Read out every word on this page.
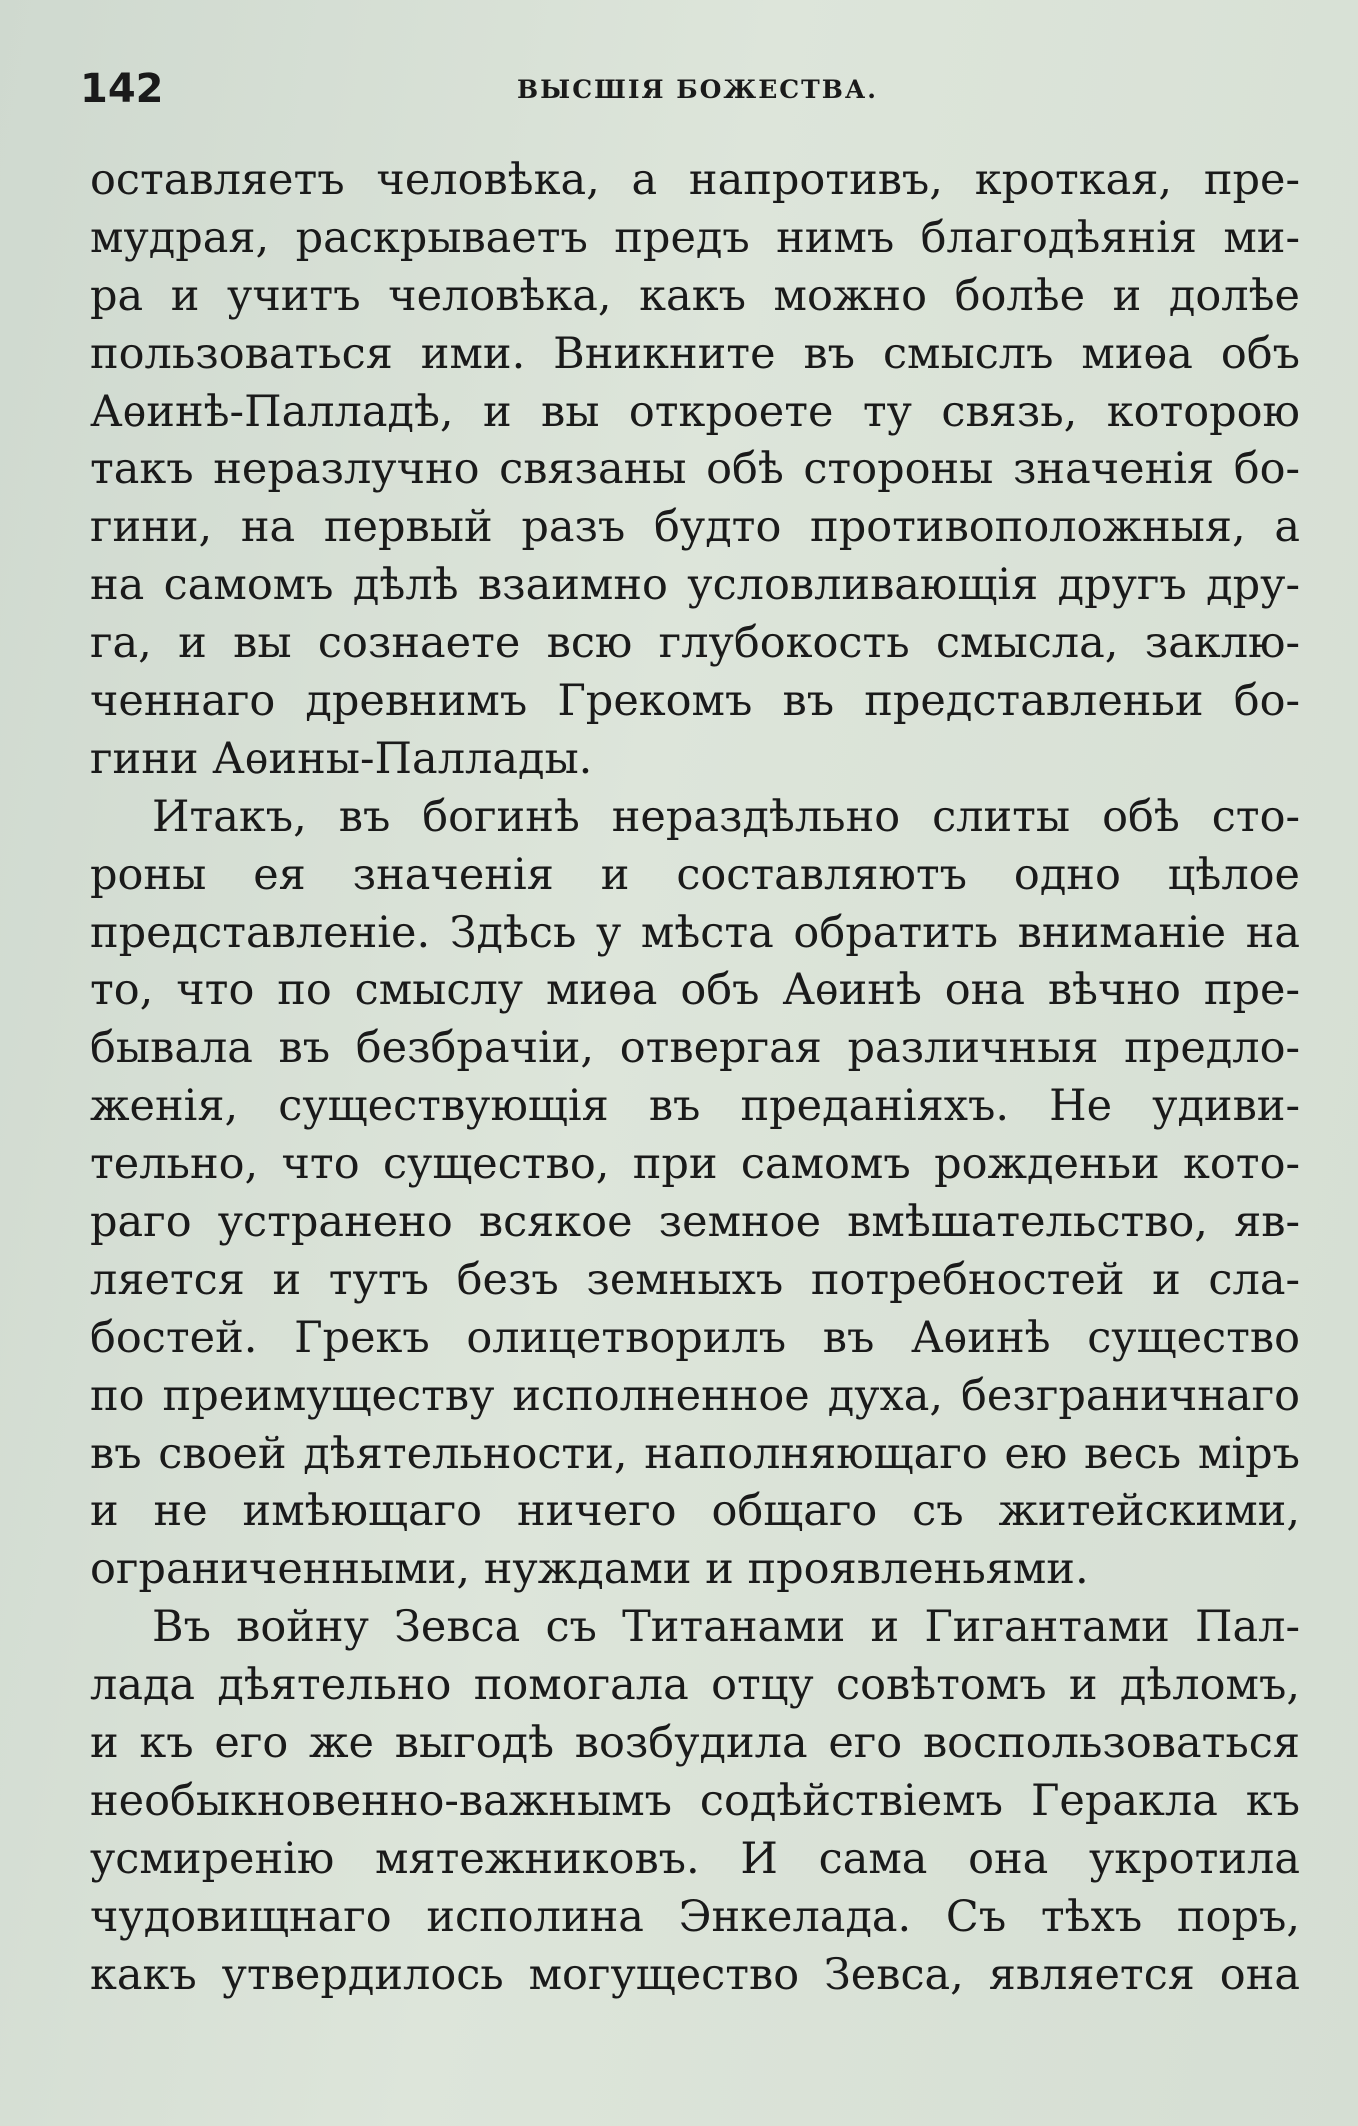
142	ВЫСШІЯ БОЖЕСТВА.
оставляетъ человѣка, а напротивъ, кроткая, пре-
мудрая, раскрываетъ предъ нимъ благодѣянія ми-
ра и учитъ человѣка, какъ можно болѣе и долѣе
пользоваться ими. Вникните въ смыслъ миѳа объ
Аѳинѣ-Палладѣ, и вы откроете ту связь, которою
такъ неразлучно связаны обѣ стороны значенія бо-
гини, на первый разъ будто противоположныя, а
на самомъ дѣлѣ взаимно условливающія другъ дру-
га, и вы сознаете всю глубокость смысла, заклю-
ченнаго древнимъ Грекомъ въ представленьи бо-
гини Аѳины-Паллады.
Итакъ, въ богинѣ нераздѣльно слиты обѣ сто-
роны ея значенія и составляютъ одно цѣлое
представленіе. Здѣсь у мѣста обратить вниманіе на
то, что по смыслу миѳа объ Аѳинѣ она вѣчно пре-
бывала въ безбрачіи, отвергая различныя предло-
женія, существующія въ преданіяхъ. Не удиви-
тельно, что существо, при самомъ рожденьи кото-
раго устранено всякое земное вмѣшательство, яв-
ляется и тутъ безъ земныхъ потребностей и сла-
бостей. Грекъ олицетворилъ въ Аѳинѣ существо
по преимуществу исполненное духа, безграничнаго
въ своей дѣятельности, наполняющаго ею весь міръ
и не имѣющаго ничего общаго съ житейскими,
ограниченными, нуждами и проявленьями.
Въ войну Зевса съ Титанами и Гигантами Пал-
лада дѣятельно помогала отцу совѣтомъ и дѣломъ,
и къ его же выгодѣ возбудила его воспользоваться
необыкновенно-важнымъ содѣйствіемъ Геракла къ
усмиренію мятежниковъ. И сама она укротила
чудовищнаго исполина Энкелада. Съ тѣхъ поръ,
какъ утвердилось могущество Зевса, является она
